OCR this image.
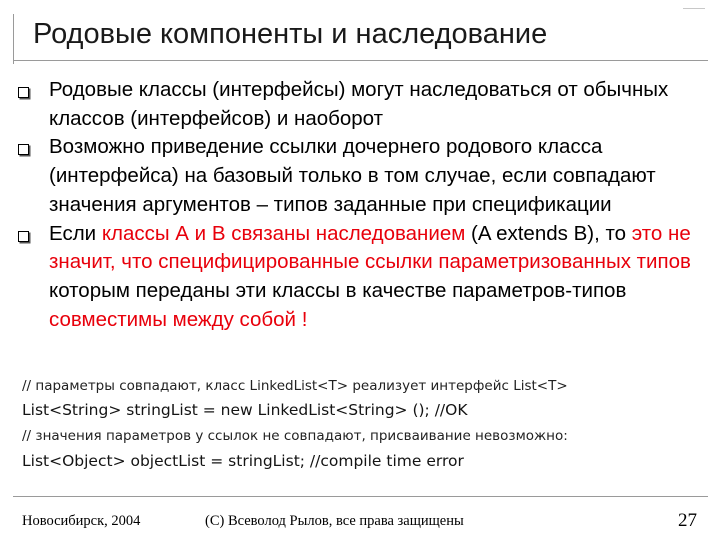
Родовые компоненты и наследование
Родовые классы (интерфейсы) могут наследоваться от обычных классов (интерфейсов) и наоборот
Возможно приведение ссылки дочернего родового класса (интерфейса) на базовый только в том случае, если совпадают значения аргументов – типов заданные при спецификации
Если классы А и В связаны наследованием (A extends B), то это не значит, что специфицированные ссылки параметризованных типов которым переданы эти классы в качестве параметров-типов совместимы между собой !
// параметры совпадают, класс LinkedList<T> реализует интерфейс List<T>
List<String> stringList = new LinkedList<String> (); //OK
// значения параметров у ссылок не совпадают, присваивание невозможно:
List<Object> objectList = stringList; //compile time error
Новосибирск, 2004	(С) Всеволод Рылов, все права защищены	27
